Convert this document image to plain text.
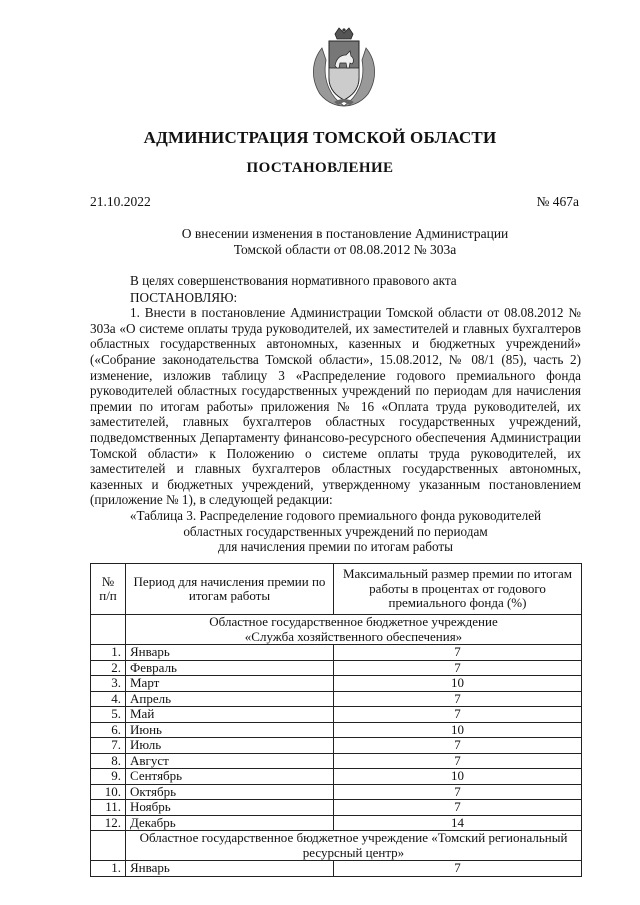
АДМИНИСТРАЦИЯ ТОМСКОЙ ОБЛАСТИ
ПОСТАНОВЛЕНИЕ
21.10.2022	№ 467а
О внесении изменения в постановление Администрации
Томской области от 08.08.2012 № 303а

В целях совершенствования нормативного правового акта

ПОСТАНОВЛЯЮ:

1. Внести в постановление Администрации Томской области от 08.08.2012 № 303а «О системе оплаты труда руководителей, их заместителей и главных бухгалтеров областных государственных автономных, казенных и бюджетных учреждений» («Собрание законодательства Томской области», 15.08.2012, № 08/1 (85), часть 2) изменение, изложив таблицу 3 «Распределение годового премиального фонда руководителей областных государственных учреждений по периодам для начисления премии по итогам работы» приложения № 16 «Оплата труда руководителей, их заместителей, главных бухгалтеров областных государственных учреждений, подведомственных Департаменту финансово-ресурсного обеспечения Администрации Томской области» к Положению о системе оплаты труда руководителей, их заместителей и главных бухгалтеров областных государственных автономных, казенных и бюджетных учреждений, утвержденному указанным постановлением (приложение № 1), в следующей редакции:

«Таблица 3. Распределение годового премиального фонда руководителей

областных государственных учреждений по периодам

для начисления премии по итогам работы

№ п/п	Период для начисления премии по итогам работы	Максимальный размер премии по итогам работы в процентах от годового премиального фонда (%)

	Областное государственное бюджетное учреждение
«Служба хозяйственного обеспечения»	

1.	Январь	7
2.	Февраль	7
3.	Март	10
4.	Апрель	7
5.	Май	7
6.	Июнь	10
7.	Июль	7
8.	Август	7
9.	Сентябрь	10
10.	Октябрь	7
11.	Ноябрь	7
12.	Декабрь	14

	Областное государственное бюджетное учреждение «Томский региональный
ресурсный центр»	

1.	Январь	7
